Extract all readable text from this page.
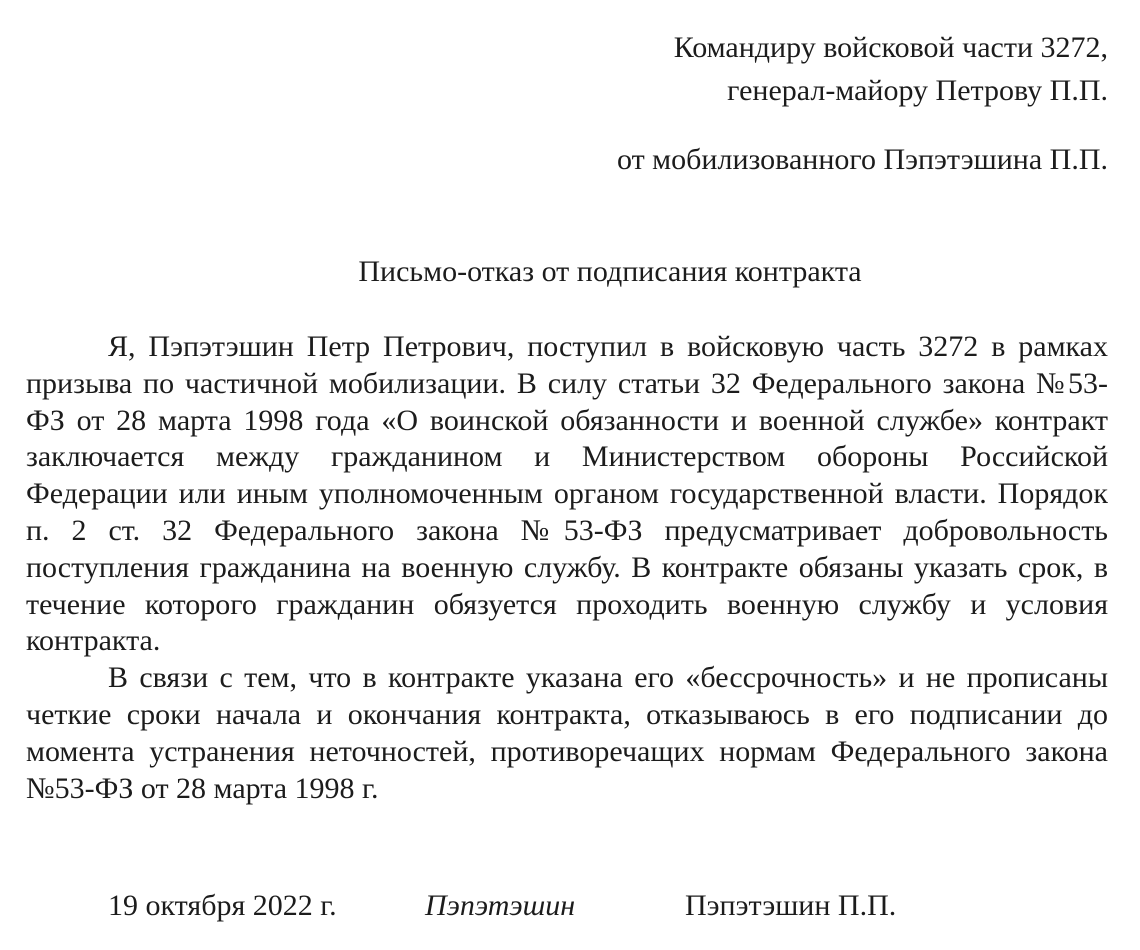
Командиру войсковой части 3272,
генерал-майору Петрову П.П.
от мобилизованного Пэпэтэшина П.П.
Письмо-отказ от подписания контракта

Я, Пэпэтэшин Петр Петрович, поступил в войсковую часть 3272 в рамках призыва по частичной мобилизации. В силу статьи 32 Федерального закона №53-ФЗ от 28 марта 1998 года «О воинской обязанности и военной службе» контракт заключается между гражданином и Министерством обороны Российской Федерации или иным уполномоченным органом государственной власти. Порядок п. 2 ст. 32 Федерального закона №53-ФЗ предусматривает добровольность поступления гражданина на военную службу. В контракте обязаны указать срок, в течение которого гражданин обязуется проходить военную службу и условия контракта.

В связи с тем, что в контракте указана его «бессрочность» и не прописаны четкие сроки начала и окончания контракта, отказываюсь в его подписании до момента устранения неточностей, противоречащих нормам Федерального закона №53-ФЗ от 28 марта 1998 г.

19 октября 2022 г.	Пэпэтэшин	Пэпэтэшин П.П.
